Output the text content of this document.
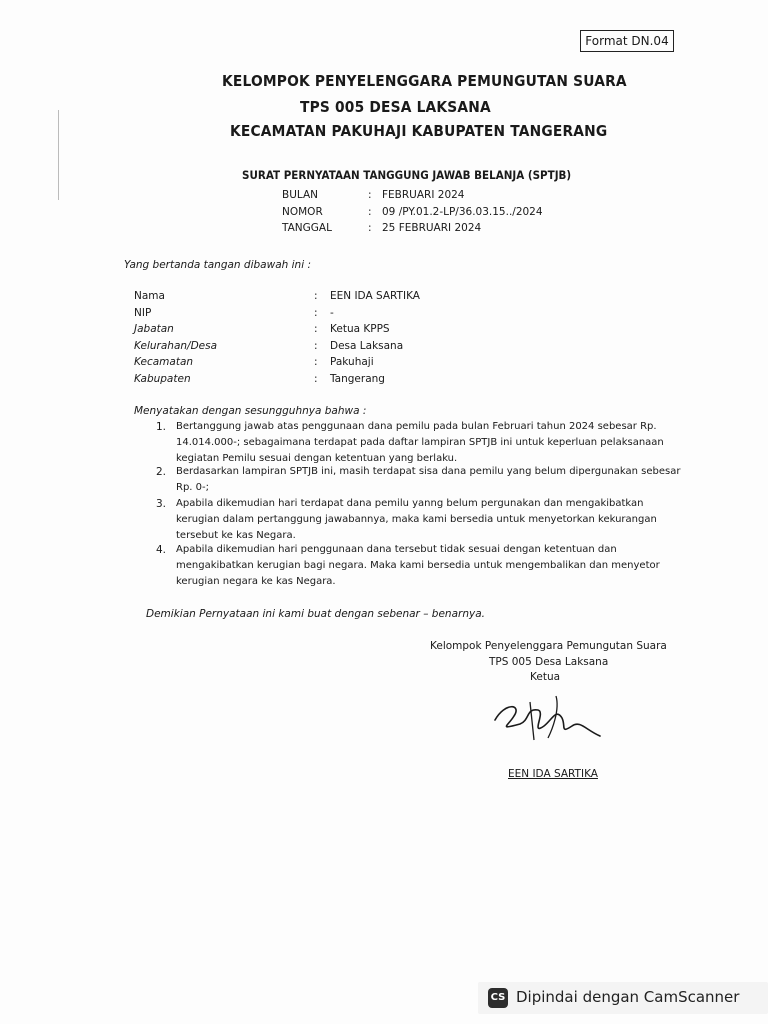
Format DN.04
KELOMPOK PENYELENGGARA PEMUNGUTAN SUARA
TPS 005 DESA LAKSANA
KECAMATAN PAKUHAJI KABUPATEN TANGERANG
SURAT PERNYATAAN TANGGUNG JAWAB BELANJA (SPTJB)
BULAN	: FEBRUARI 2024
NOMOR	: 09 /PY.01.2-LP/36.03.15../2024
TANGGAL	: 25 FEBRUARI 2024
Yang bertanda tangan dibawah ini :
Nama	: EEN IDA SARTIKA
NIP	: -
Jabatan	: Ketua KPPS
Kelurahan/Desa	: Desa Laksana
Kecamatan	: Pakuhaji
Kabupaten	: Tangerang
Menyatakan dengan sesungguhnya bahwa :
1. Bertanggung jawab atas penggunaan dana pemilu pada bulan Februari tahun 2024 sebesar Rp.
14.014.000-; sebagaimana terdapat pada daftar lampiran SPTJB ini untuk keperluan pelaksanaan
kegiatan Pemilu sesuai dengan ketentuan yang berlaku.
2. Berdasarkan lampiran SPTJB ini, masih terdapat sisa dana pemilu yang belum dipergunakan sebesar
Rp. 0-;
3. Apabila dikemudian hari terdapat dana pemilu yanng belum pergunakan dan mengakibatkan
kerugian dalam pertanggung jawabannya, maka kami bersedia untuk menyetorkan kekurangan
tersebut ke kas Negara.
4. Apabila dikemudian hari penggunaan dana tersebut tidak sesuai dengan ketentuan dan
mengakibatkan kerugian bagi negara. Maka kami bersedia untuk mengembalikan dan menyetor
kerugian negara ke kas Negara.
Demikian Pernyataan ini kami buat dengan sebenar – benarnya.
Kelompok Penyelenggara Pemungutan Suara
TPS 005 Desa Laksana
Ketua
EEN IDA SARTIKA
CS Dipindai dengan CamScanner
